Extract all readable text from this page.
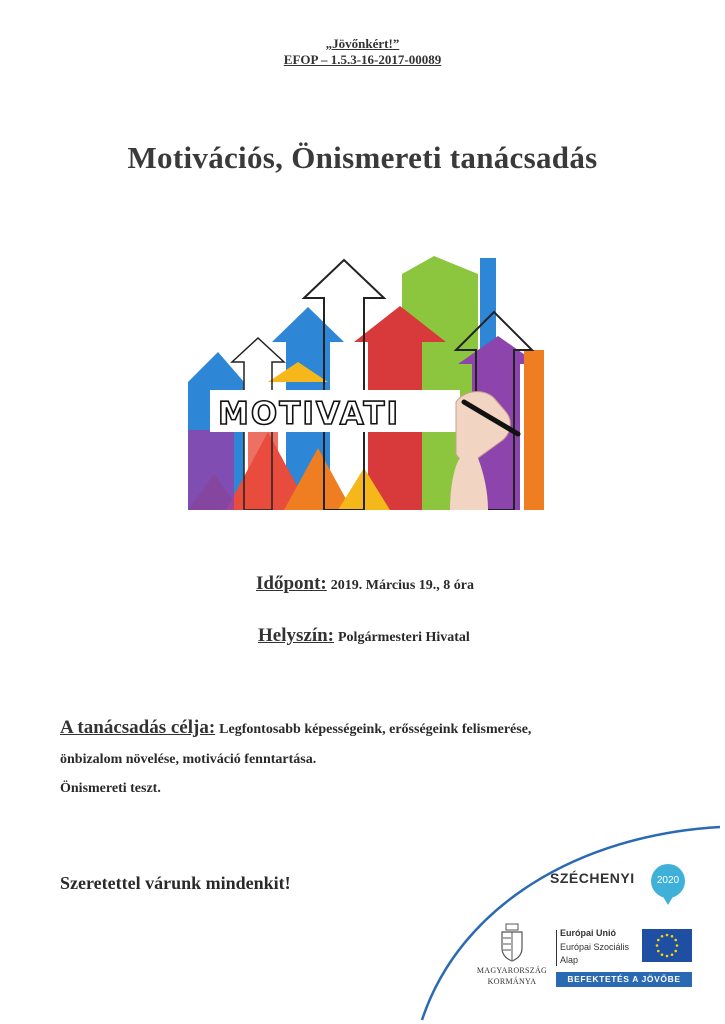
„Jövőnkért!”
EFOP – 1.5.3-16-2017-00089
Motivációs, Önismereti tanácsadás
MOTIVATI
Időpont: 2019. Március 19., 8 óra
Helyszín: Polgármesteri Hivatal
A tanácsadás célja: Legfontosabb képességeink, erősségeink felismerése,
önbizalom növelése, motiváció fenntartása.
Önismereti teszt.
Szeretettel várunk mindenkit!	SZÉCHENYI	2020
MAGYARORSZÁG
KORMÁNYA
Európai Unió
Európai Szociális
Alap
BEFEKTETÉS A JÖVŐBE
